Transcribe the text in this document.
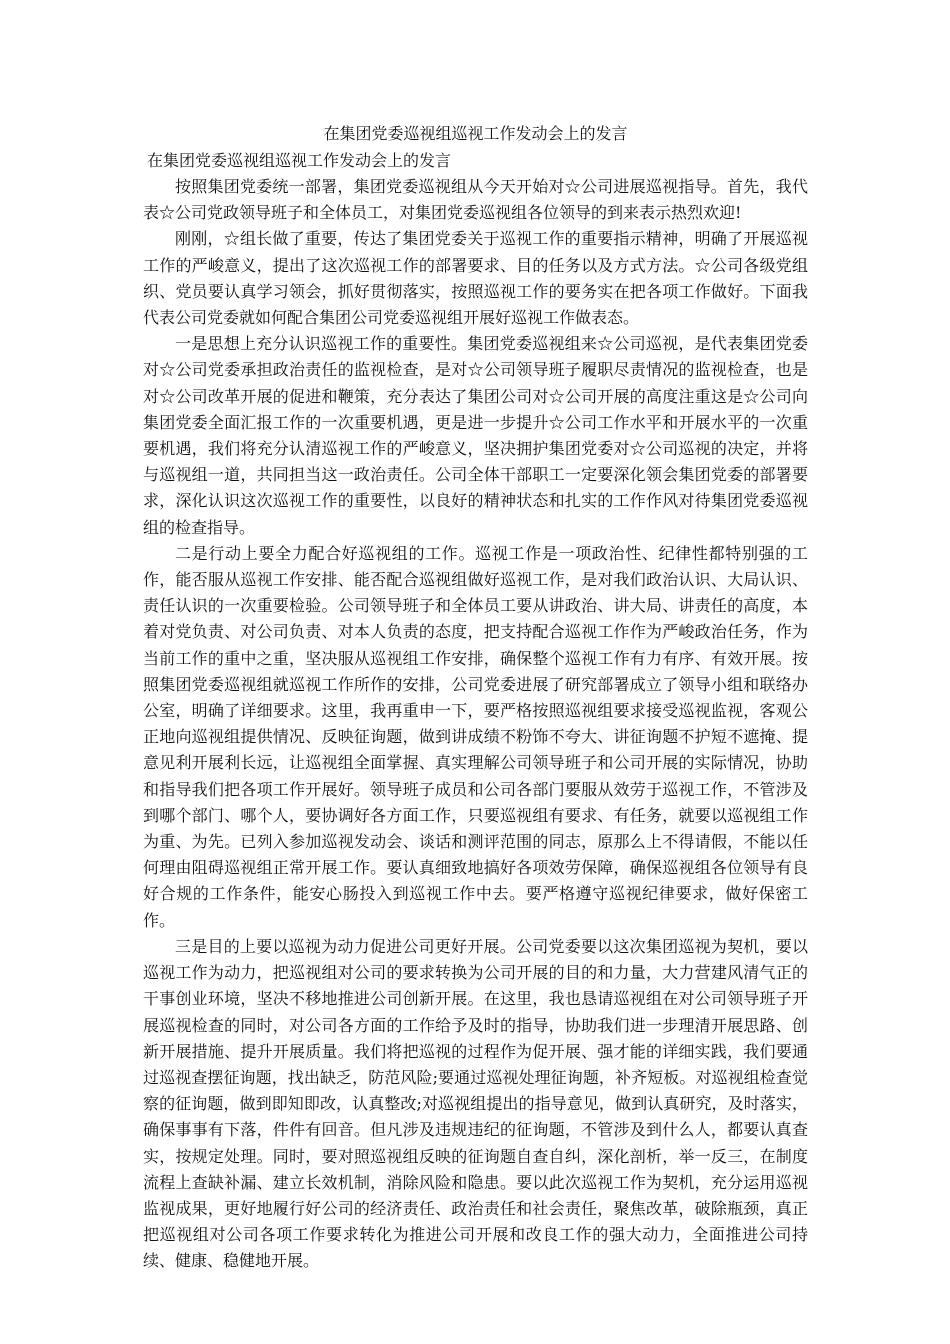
在集团党委巡视组巡视工作发动会上的发言
在集团党委巡视组巡视工作发动会上的发言

按照集团党委统一部署，集团党委巡视组从今天开始对☆公司进展巡视指导。首先，我代表☆公司党政领导班子和全体员工，对集团党委巡视组各位领导的到来表示热烈欢迎!

刚刚，☆组长做了重要，传达了集团党委关于巡视工作的重要指示精神，明确了开展巡视工作的严峻意义，提出了这次巡视工作的部署要求、目的任务以及方式方法。☆公司各级党组织、党员要认真学习领会，抓好贯彻落实，按照巡视工作的要务实在把各项工作做好。下面我代表公司党委就如何配合集团公司党委巡视组开展好巡视工作做表态。

一是思想上充分认识巡视工作的重要性。集团党委巡视组来☆公司巡视，是代表集团党委对☆公司党委承担政治责任的监视检查，是对☆公司领导班子履职尽责情况的监视检查，也是对☆公司改革开展的促进和鞭策，充分表达了集团公司对☆公司开展的高度注重这是☆公司向集团党委全面汇报工作的一次重要机遇，更是进一步提升☆公司工作水平和开展水平的一次重要机遇，我们将充分认清巡视工作的严峻意义，坚决拥护集团党委对☆公司巡视的决定，并将与巡视组一道，共同担当这一政治责任。公司全体干部职工一定要深化领会集团党委的部署要求，深化认识这次巡视工作的重要性，以良好的精神状态和扎实的工作作风对待集团党委巡视组的检查指导。

二是行动上要全力配合好巡视组的工作。巡视工作是一项政治性、纪律性都特别强的工作，能否服从巡视工作安排、能否配合巡视组做好巡视工作，是对我们政治认识、大局认识、责任认识的一次重要检验。公司领导班子和全体员工要从讲政治、讲大局、讲责任的高度，本着对党负责、对公司负责、对本人负责的态度，把支持配合巡视工作作为严峻政治任务，作为当前工作的重中之重，坚决服从巡视组工作安排，确保整个巡视工作有力有序、有效开展。按照集团党委巡视组就巡视工作所作的安排，公司党委进展了研究部署成立了领导小组和联络办公室，明确了详细要求。这里，我再重申一下，要严格按照巡视组要求接受巡视监视，客观公正地向巡视组提供情况、反映征询题，做到讲成绩不粉饰不夸大、讲征询题不护短不遮掩、提意见利开展利长远，让巡视组全面掌握、真实理解公司领导班子和公司开展的实际情况，协助和指导我们把各项工作开展好。领导班子成员和公司各部门要服从效劳于巡视工作，不管涉及到哪个部门、哪个人，要协调好各方面工作，只要巡视组有要求、有任务，就要以巡视组工作为重、为先。已列入参加巡视发动会、谈话和测评范围的同志，原那么上不得请假，不能以任何理由阻碍巡视组正常开展工作。要认真细致地搞好各项效劳保障，确保巡视组各位领导有良好合规的工作条件，能安心肠投入到巡视工作中去。要严格遵守巡视纪律要求，做好保密工作。

三是目的上要以巡视为动力促进公司更好开展。公司党委要以这次集团巡视为契机，要以巡视工作为动力，把巡视组对公司的要求转换为公司开展的目的和力量，大力营建风清气正的干事创业环境，坚决不移地推进公司创新开展。在这里，我也恳请巡视组在对公司领导班子开展巡视检查的同时，对公司各方面的工作给予及时的指导，协助我们进一步理清开展思路、创新开展措施、提升开展质量。我们将把巡视的过程作为促开展、强才能的详细实践，我们要通过巡视查摆征询题，找出缺乏，防范风险;要通过巡视处理征询题，补齐短板。对巡视组检查觉察的征询题，做到即知即改，认真整改;对巡视组提出的指导意见，做到认真研究，及时落实，确保事事有下落，件件有回音。但凡涉及违规违纪的征询题，不管涉及到什么人，都要认真查实，按规定处理。同时，要对照巡视组反映的征询题自查自纠，深化剖析，举一反三，在制度流程上查缺补漏、建立长效机制，消除风险和隐患。要以此次巡视工作为契机，充分运用巡视监视成果，更好地履行好公司的经济责任、政治责任和社会责任，聚焦改革，破除瓶颈，真正把巡视组对公司各项工作要求转化为推进公司开展和改良工作的强大动力，全面推进公司持续、健康、稳健地开展。
